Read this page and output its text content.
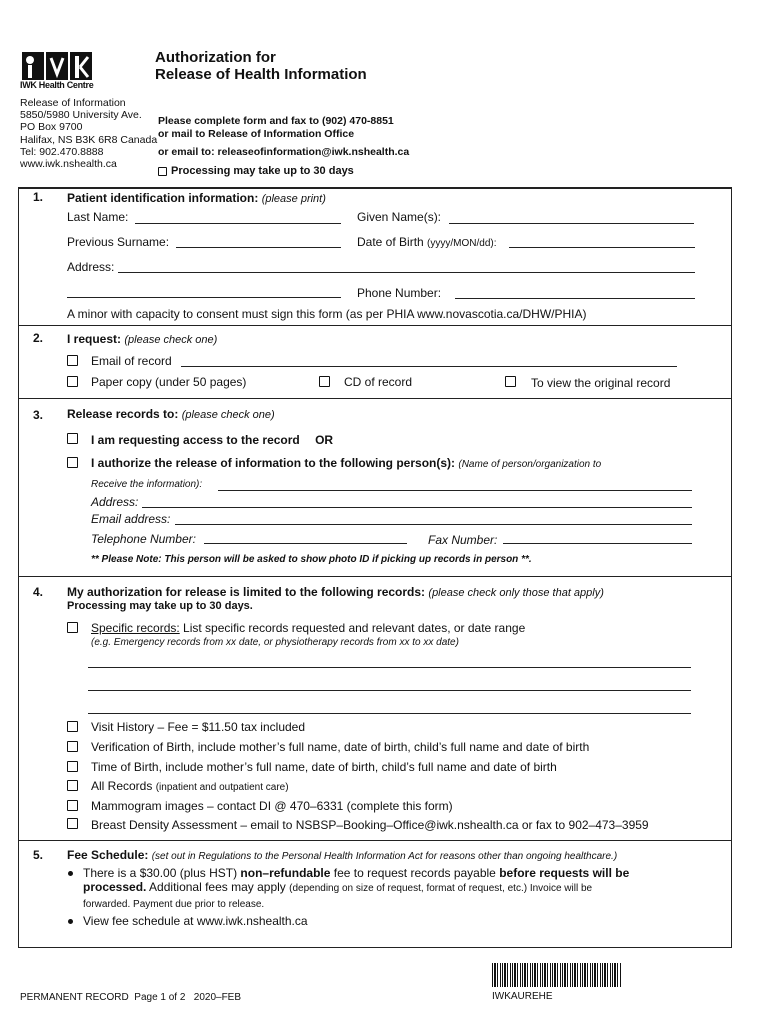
IWK Health Centre
Authorization for
Release of Health Information
Release of Information
5850/5980 University Ave.
PO Box 9700
Halifax, NS B3K 6R8 Canada
Tel: 902.470.8888
www.iwk.nshealth.ca
Please complete form and fax to (902) 470-8851
or mail to Release of Information Office
or email to: releaseofinformation@iwk.nshealth.ca
Processing may take up to 30 days
1. Patient identification information: (please print)
Last Name:	Given Name(s):
Previous Surname:	Date of Birth (yyyy/MON/dd):
Address:
Phone Number:
A minor with capacity to consent must sign this form (as per PHIA www.novascotia.ca/DHW/PHIA)
2. I request: (please check one)
Email of record
Paper copy (under 50 pages)	CD of record	To view the original record
3. Release records to: (please check one)
I am requesting access to the record OR
I authorize the release of information to the following person(s): (Name of person/organization to
Receive the information):
Address:
Email address:
Telephone Number:	Fax Number:
** Please Note: This person will be asked to show photo ID if picking up records in person **.
4. My authorization for release is limited to the following records: (please check only those that apply)
Processing may take up to 30 days.
Specific records: List specific records requested and relevant dates, or date range
(e.g. Emergency records from xx date, or physiotherapy records from xx to xx date)
Visit History – Fee = $11.50 tax included
Verification of Birth, include mother’s full name, date of birth, child’s full name and date of birth
Time of Birth, include mother’s full name, date of birth, child’s full name and date of birth
All Records (inpatient and outpatient care)
Mammogram images – contact DI @ 470–6331 (complete this form)
Breast Density Assessment – email to NSBSP–Booking–Office@iwk.nshealth.ca or fax to 902–473–3959
5. Fee Schedule: (set out in Regulations to the Personal Health Information Act for reasons other than ongoing healthcare.)
There is a $30.00 (plus HST) non–refundable fee to request records payable before requests will be
processed. Additional fees may apply (depending on size of request, format of request, etc.) Invoice will be
forwarded. Payment due prior to release.
View fee schedule at www.iwk.nshealth.ca
IWKAUREHE
PERMANENT RECORD  Page 1 of 2   2020–FEB
